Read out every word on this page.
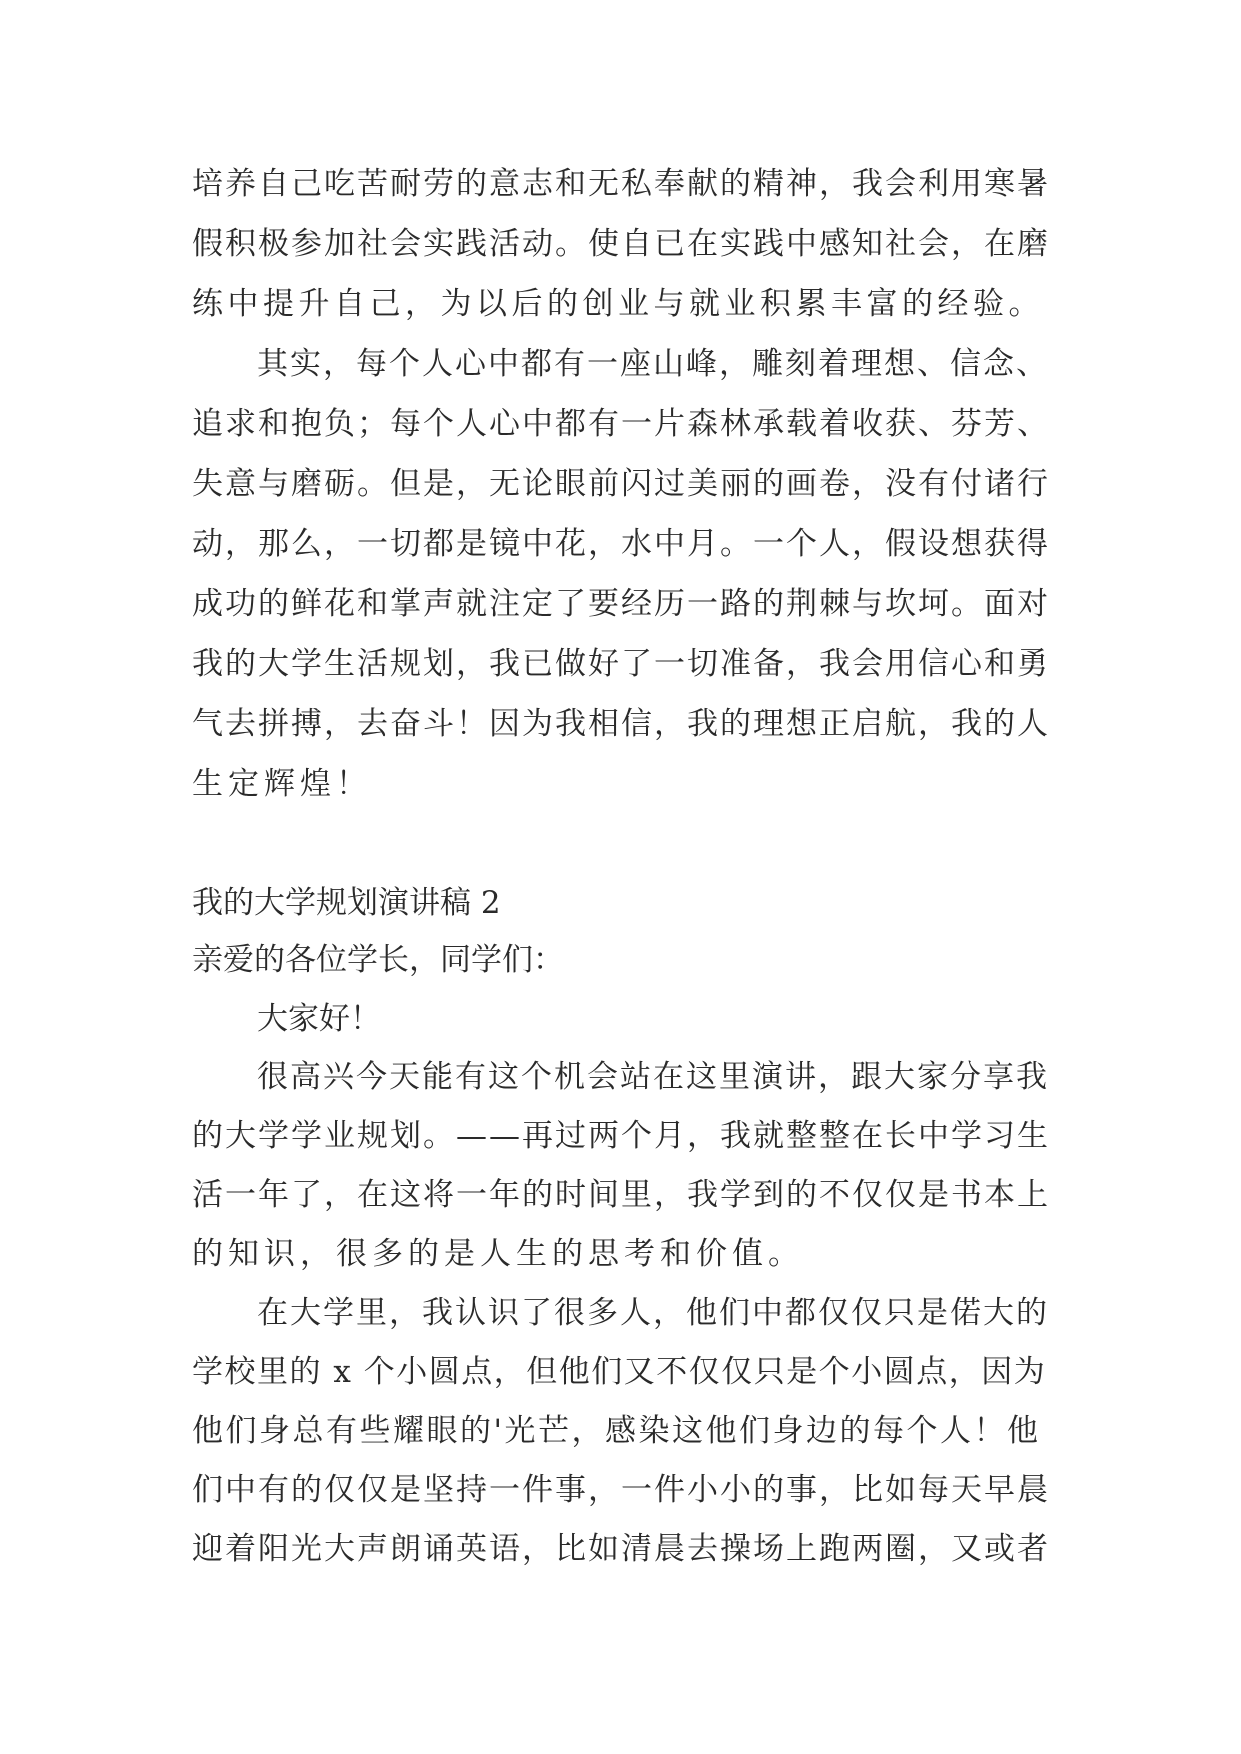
培养自己吃苦耐劳的意志和无私奉献的精神，我会利用寒暑

假积极参加社会实践活动。使自已在实践中感知社会，在磨

练中提升自己，为以后的创业与就业积累丰富的经验。

其实，每个人心中都有一座山峰，雕刻着理想、信念、

追求和抱负；每个人心中都有一片森林承载着收获、芬芳、

失意与磨砺。但是，无论眼前闪过美丽的画卷，没有付诸行

动，那么，一切都是镜中花，水中月。一个人，假设想获得

成功的鲜花和掌声就注定了要经历一路的荆棘与坎坷。面对

我的大学生活规划，我已做好了一切准备，我会用信心和勇

气去拼搏，去奋斗！因为我相信，我的理想正启航，我的人

生定辉煌！

我的大学规划演讲稿 2

亲爱的各位学长，同学们：

大家好！

很高兴今天能有这个机会站在这里演讲，跟大家分享我

的大学学业规划。——再过两个月，我就整整在长中学习生

活一年了，在这将一年的时间里，我学到的不仅仅是书本上

的知识，很多的是人生的思考和价值。

在大学里，我认识了很多人，他们中都仅仅只是偌大的

学校里的 x 个小圆点，但他们又不仅仅只是个小圆点，因为

他们身总有些耀眼的'光芒，感染这他们身边的每个人！他

们中有的仅仅是坚持一件事，一件小小的事，比如每天早晨

迎着阳光大声朗诵英语，比如清晨去操场上跑两圈，又或者
